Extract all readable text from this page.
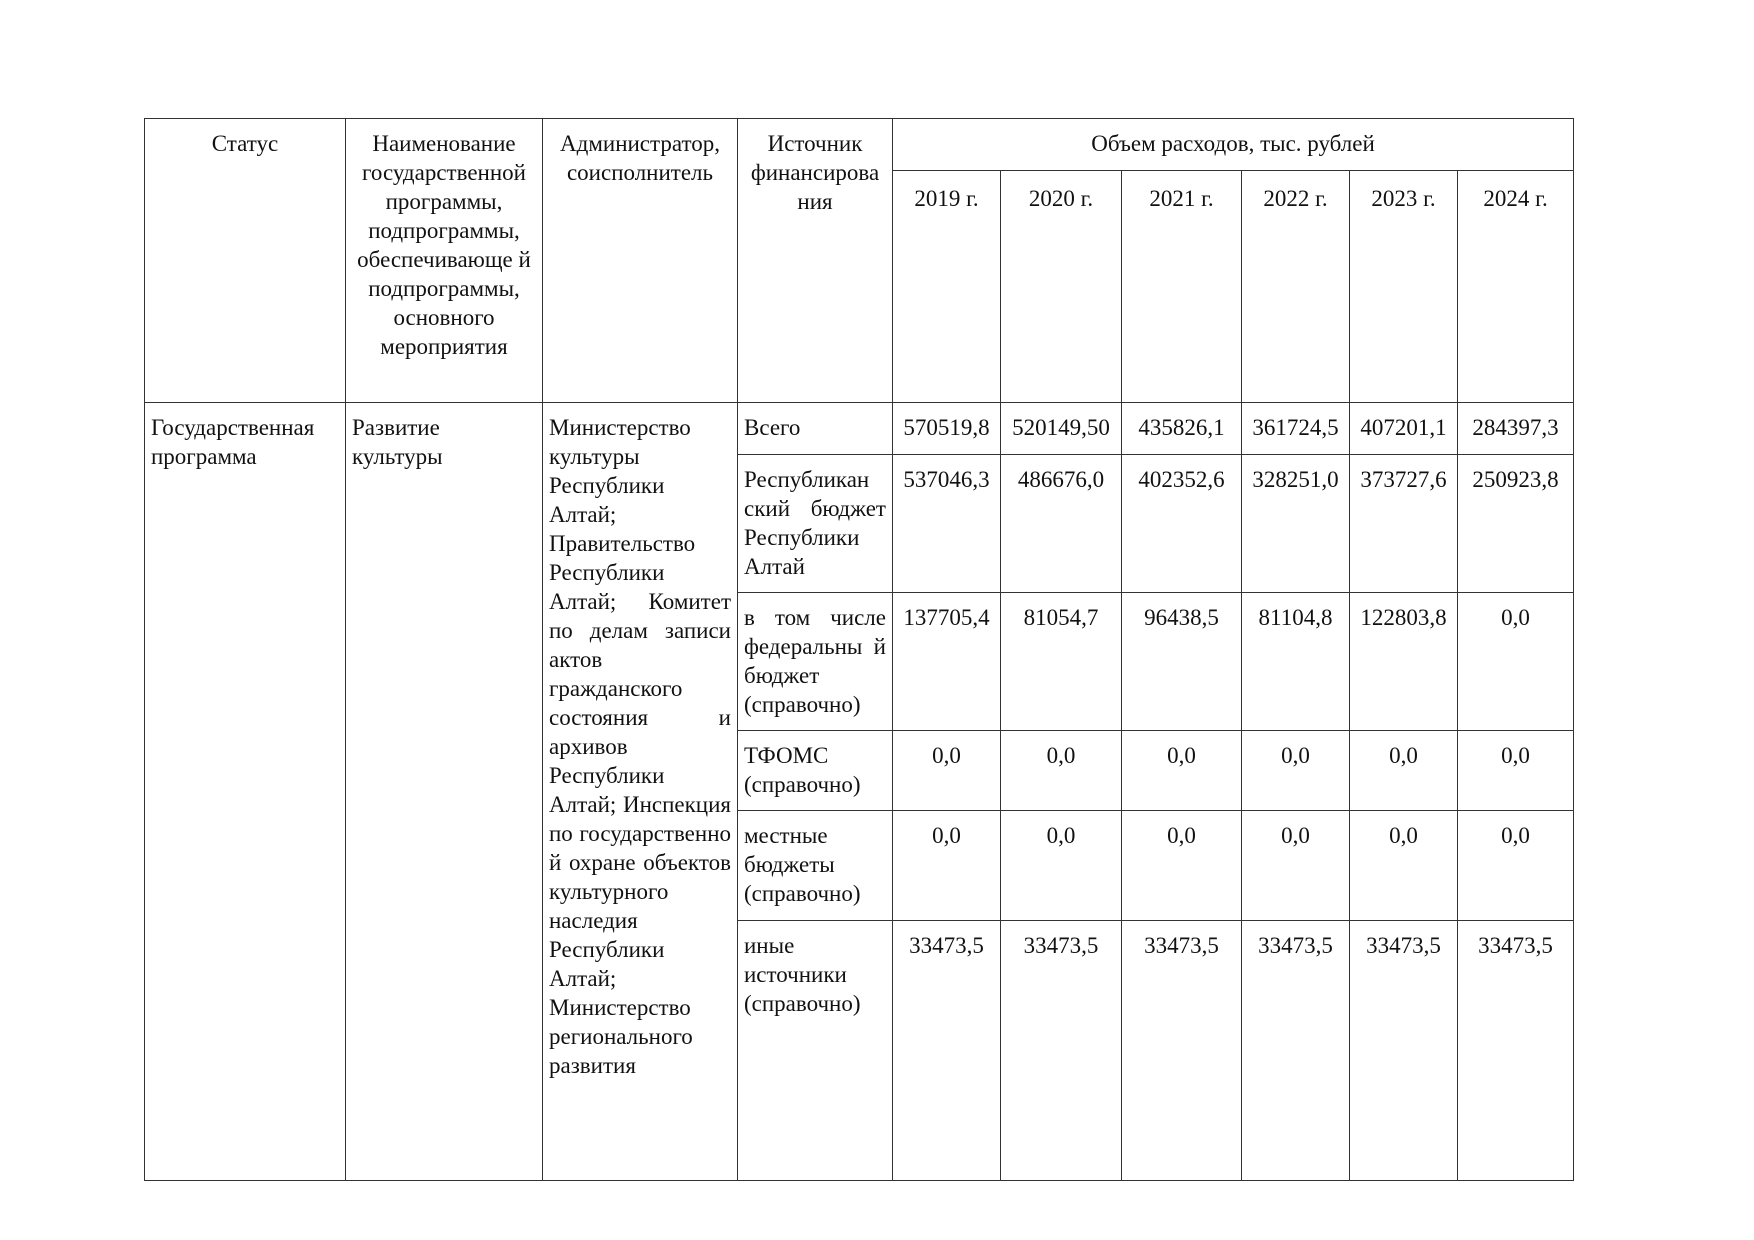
Статус	Наименование государственной программы, подпрограммы, обеспечивающе й подпрограммы, основного мероприятия	Администратор, соисполнитель	Источник финансирова ния	Объем расходов, тыс. рублей					
				2019 г.	2020 г.	2021 г.	2022 г.	2023 г.	2024 г.
Государственная программа	Развитие культуры	Министерство культуры Республики Алтай; Правительство Республики Алтай; Комитет по делам записи актов гражданского состояния и архивов Республики Алтай; Инспекция по государственно й охране объектов культурного наследия Республики Алтай; Министерство регионального развития	Всего	570519,8	520149,50	435826,1	361724,5	407201,1	284397,3
			Республикан ский бюджет Республики Алтай	537046,3	486676,0	402352,6	328251,0	373727,6	250923,8
			в том числе федеральны й бюджет (справочно)	137705,4	81054,7	96438,5	81104,8	122803,8	0,0
			ТФОМС (справочно)	0,0	0,0	0,0	0,0	0,0	0,0
			местные бюджеты (справочно)	0,0	0,0	0,0	0,0	0,0	0,0
			иные источники (справочно)	33473,5	33473,5	33473,5	33473,5	33473,5	33473,5
